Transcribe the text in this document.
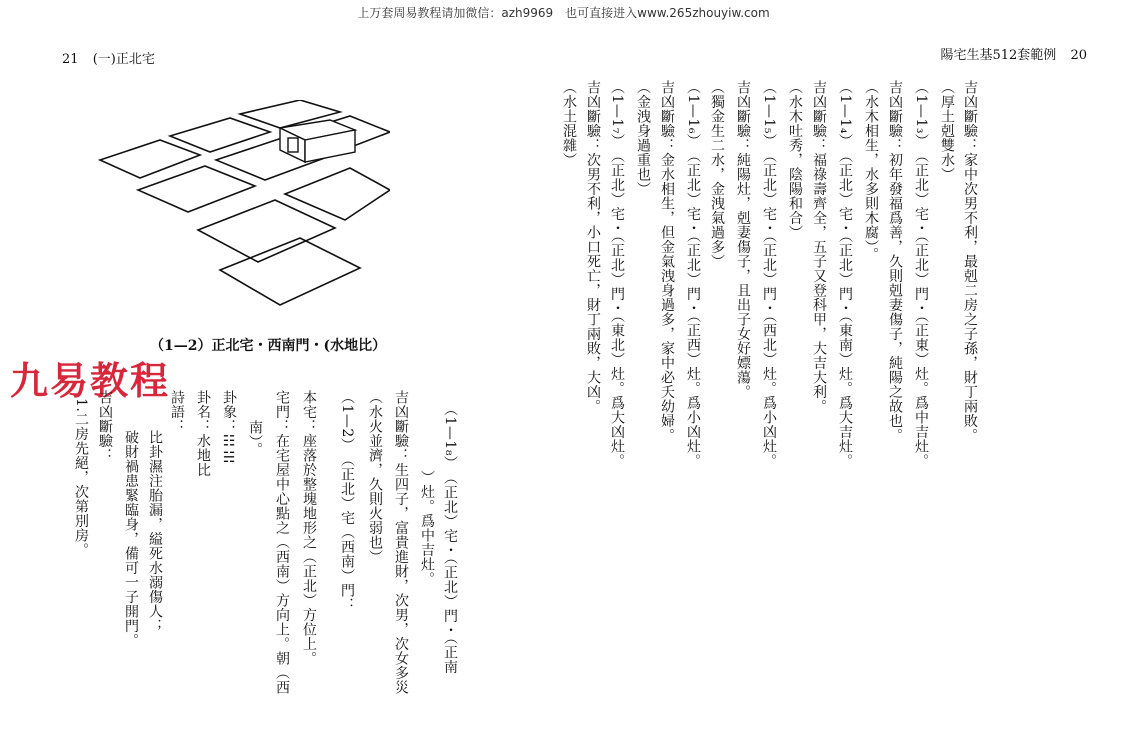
上万套周易教程请加微信：azh9969　也可直接进入www.265zhouyiw.com
21 (一)正北宅
（1—2）正北宅・西南門・(水地比）
九易教程
（1—1₈）　（正北）宅・（正北）門・（正南
）灶。爲中吉灶。
吉凶斷驗：生四子，富貴進財，次男，次女多災
（水火並濟，久則火弱也）
（1—2）　（正北）宅（西南）門：
本宅：座落於整塊地形之（正北）方位上。
宅門：在宅屋中心點之（西南）方向上。朝（西
南）。
卦象：☷☵
卦名：水地比
詩語：
比卦濕注胎漏，縊死水溺傷人；
破財禍患緊臨身，備可一子開門。
吉凶斷驗：
1.二房先絕，次第別房。
陽宅生基512套範例 20
吉凶斷驗：家中次男不利，最剋二房之子孫，財丁兩敗。
（厚土剋雙水）
（1—1₃）　（正北）宅・（正北）門・（正東）灶。爲中吉灶。
吉凶斷驗：初年發福爲善，久則剋妻傷子，純陽之故也。
（水木相生，水多則木腐）。
（1—1₄）　（正北）宅・（正北）門・（東南）灶。爲大吉灶。
吉凶斷驗：福祿壽齊全，五子又登科甲，大吉大利。
（水木吐秀，陰陽和合）
（1—1₅）　（正北）宅・（正北）門・（西北）灶。爲小凶灶。
吉凶斷驗：純陽灶，剋妻傷子，且出子女好嫖蕩。
（獨金生二水，金洩氣過多）
（1—1₆）　（正北）宅・（正北）門・（正西）灶。爲小凶灶。
吉凶斷驗：金水相生，但金氣洩身過多，家中必夭幼婦。
（金洩身過重也）
（1—1₇）　（正北）宅・（正北）門・（東北）灶。爲大凶灶。
吉凶斷驗：次男不利，小口死亡，財丁兩敗，大凶。
（水土混雜）
